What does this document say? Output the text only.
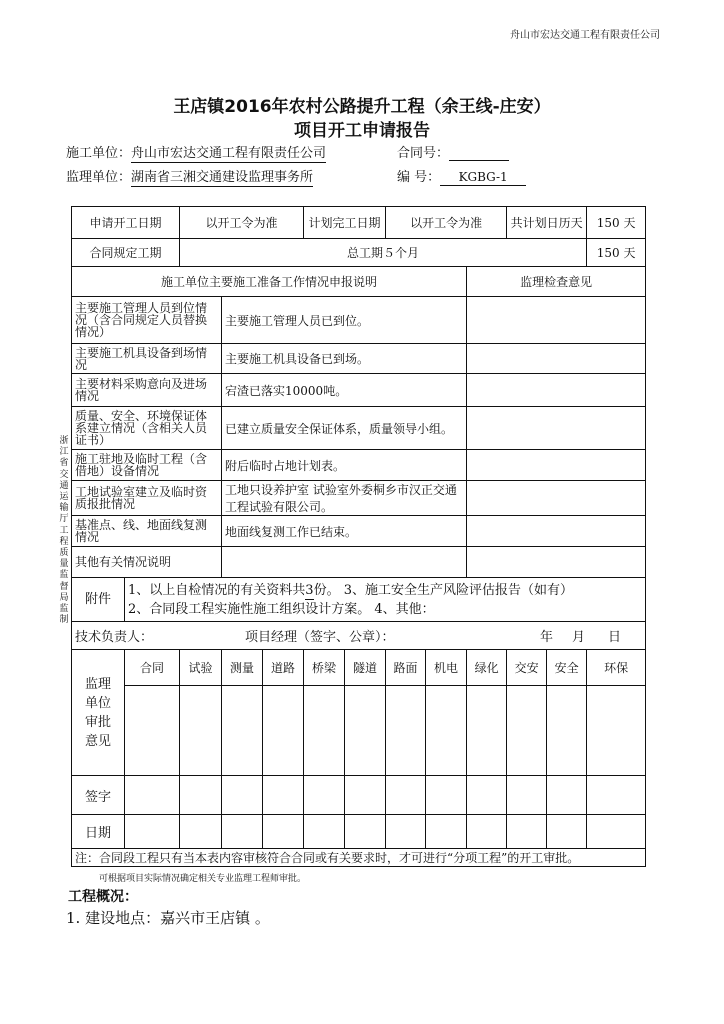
舟山市宏达交通工程有限责任公司
王店镇2016年农村公路提升工程（余王线-庄安）
项目开工申请报告
施工单位：舟山市宏达交通工程有限责任公司	合同号：
监理单位：湖南省三湘交通建设监理事务所	编 号： KGBG-1
浙江省交通运输厅工程质量监督局监制
申请开工日期		以开工令为准			计划完工日期		以开工令为准			共计划日历天		150 天
合同规定工期		总工期５个月										150 天
施工单位主要施工准备工作情况申报说明									监理检查意见			
主要施工管理人员到位情况（含合同规定人员替换情况）			主要施工管理人员已到位。									
主要施工机具设备到场情况			主要施工机具设备已到场。									
主要材料采购意向及进场情况			宕渣已落实10000吨。									
质量、安全、环境保证体系建立情况（含相关人员证书）			已建立质量安全保证体系，质量领导小组。									
施工驻地及临时工程（含借地）设备情况			附后临时占地计划表。									
工地试验室建立及临时资质报批情况			工地只设养护室 试验室外委桐乡市汉正交通工程试验有限公司。									
基准点、线、地面线复测情况			地面线复测工作已结束。									
其他有关情况说明												
附件	1、以上自检情况的有关资料共3份。 3、施工安全生产风险评估报告（如有）
2、合同段工程实施性施工组织设计方案。 4、其他：											

技术负责人： 项目经理（签字、公章）： 年 月 日												

监理单位审批意见	合同	试验	测量	道路	桥梁	隧道	路面	机电	绿化	交安	安全	环保

签字												
日期												
注：合同段工程只有当本表内容审核符合合同或有关要求时，才可进行“分项工程”的开工审批。												
可根据项目实际情况确定相关专业监理工程师审批。
工程概况：
1. 建设地点：嘉兴市王店镇 。
